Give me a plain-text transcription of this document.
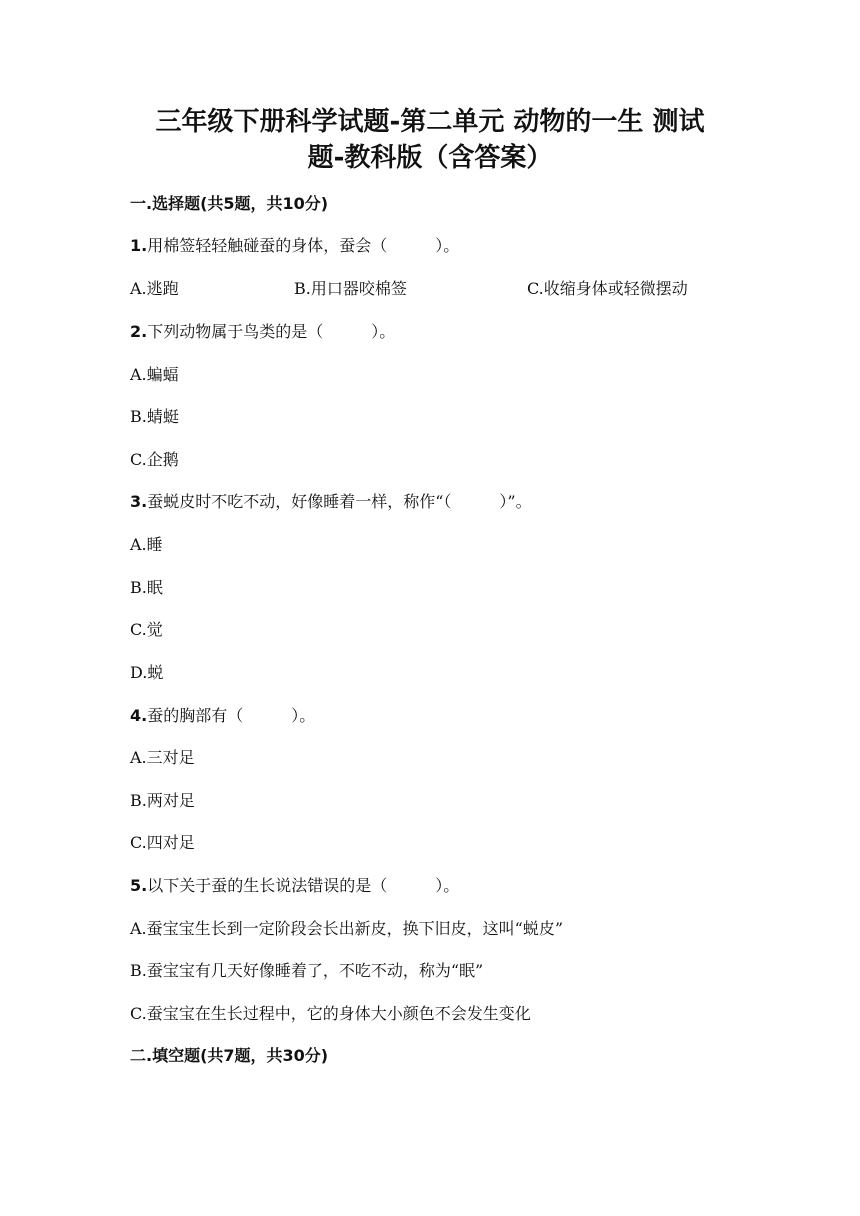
三年级下册科学试题-第二单元 动物的一生 测试
题-教科版（含答案）

一.选择题(共5题，共10分)

1.用棉签轻轻触碰蚕的身体，蚕会（　　　）。

A.逃跑	B.用口器咬棉签	C.收缩身体或轻微摆动

2.下列动物属于鸟类的是（　　　）。

A.蝙蝠

B.蜻蜓

C.企鹅

3.蚕蜕皮时不吃不动，好像睡着一样，称作“（　　　）”。

A.睡

B.眠

C.觉

D.蜕

4.蚕的胸部有（　　　）。

A.三对足

B.两对足

C.四对足

5.以下关于蚕的生长说法错误的是（　　　）。

A.蚕宝宝生长到一定阶段会长出新皮，换下旧皮，这叫“蜕皮”

B.蚕宝宝有几天好像睡着了，不吃不动，称为“眠”

C.蚕宝宝在生长过程中，它的身体大小颜色不会发生变化

二.填空题(共7题，共30分)
